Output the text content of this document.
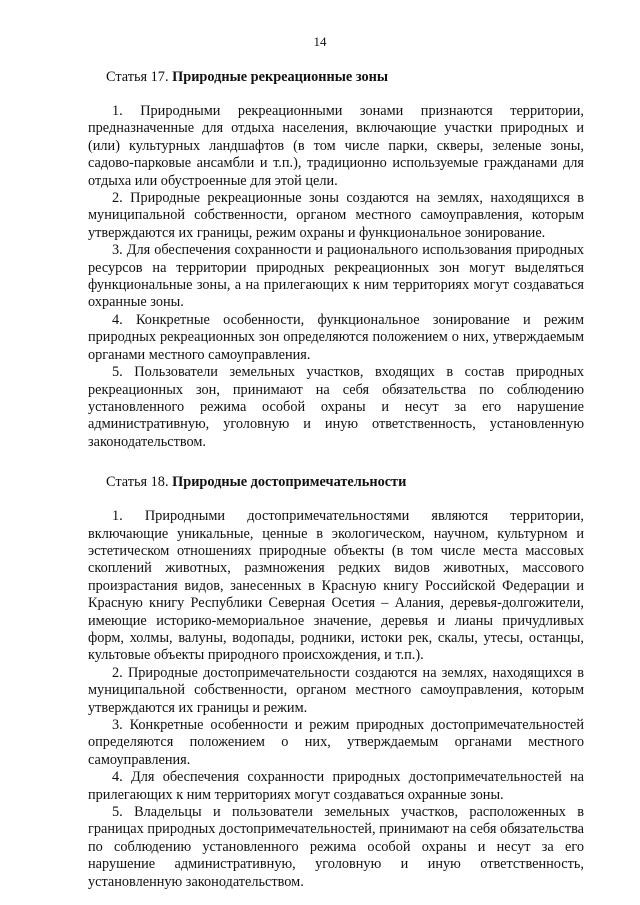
14
Статья 17. Природные рекреационные зоны

1. Природными рекреационными зонами признаются территории, предназначенные для отдыха населения, включающие участки природных и (или) культурных ландшафтов (в том числе парки, скверы, зеленые зоны, садово-парковые ансамбли и т.п.), традиционно используемые гражданами для отдыха или обустроенные для этой цели.

2. Природные рекреационные зоны создаются на землях, находящихся в муниципальной собственности, органом местного самоуправления, которым утверждаются их границы, режим охраны и функциональное зонирование.

3. Для обеспечения сохранности и рационального использования природных ресурсов на территории природных рекреационных зон могут выделяться функциональные зоны, а на прилегающих к ним территориях могут создаваться охранные зоны.

4. Конкретные особенности, функциональное зонирование и режим природных рекреационных зон определяются положением о них, утверждаемым органами местного самоуправления.

5. Пользователи земельных участков, входящих в состав природных рекреационных зон, принимают на себя обязательства по соблюдению установленного режима особой охраны и несут за его нарушение административную, уголовную и иную ответственность, установленную законодательством.

Статья 18. Природные достопримечательности

1. Природными достопримечательностями являются территории, включающие уникальные, ценные в экологическом, научном, культурном и эстетическом отношениях природные объекты (в том числе места массовых скоплений животных, размножения редких видов животных, массового произрастания видов, занесенных в Красную книгу Российской Федерации и Красную книгу Республики Северная Осетия – Алания, деревья-долгожители, имеющие историко-мемориальное значение, деревья и лианы причудливых форм, холмы, валуны, водопады, родники, истоки рек, скалы, утесы, останцы, культовые объекты природного происхождения, и т.п.).

2. Природные достопримечательности создаются на землях, находящихся в муниципальной собственности, органом местного самоуправления, которым утверждаются их границы и режим.

3. Конкретные особенности и режим природных достопримечательностей определяются положением о них, утверждаемым органами местного самоуправления.

4. Для обеспечения сохранности природных достопримечательностей на прилегающих к ним территориях могут создаваться охранные зоны.

5. Владельцы и пользователи земельных участков, расположенных в границах природных достопримечательностей, принимают на себя обязательства по соблюдению установленного режима особой охраны и несут за его нарушение административную, уголовную и иную ответственность, установленную законодательством.
